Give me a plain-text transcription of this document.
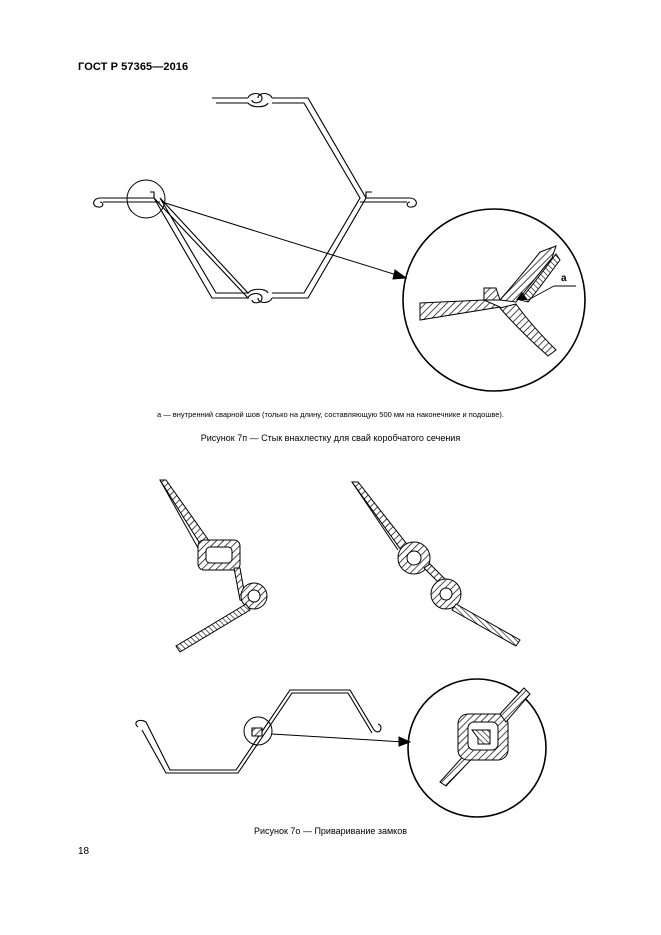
ГОСТ Р 57365—2016
а
а — внутренний сварной шов (только на длину, составляющую 500 мм на наконечнике и подошве).
Рисунок 7п — Стык внахлестку для свай коробчатого сечения
Рисунок 7о — Приваривание замков
18
